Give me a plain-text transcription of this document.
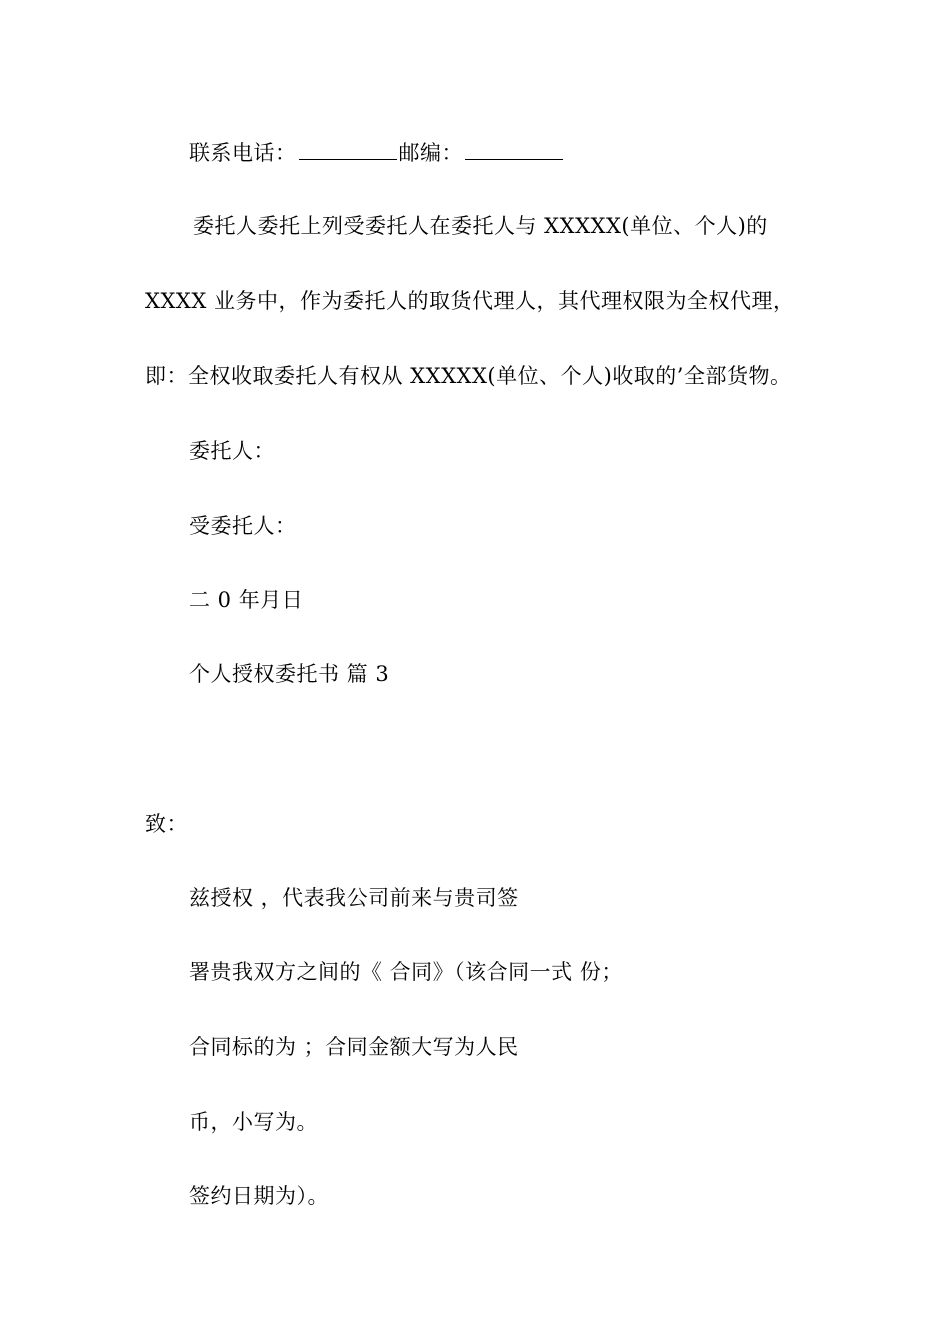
联系电话：	邮编：
委托人委托上列受委托人在委托人与 XXXXX(单位、个人)的
XXXX 业务中，作为委托人的取货代理人，其代理权限为全权代理，
即：全权收取委托人有权从 XXXXX(单位、个人)收取的’全部货物。
委托人：
受委托人：
二 0 年月日
个人授权委托书 篇 3
致：
兹授权 ，代表我公司前来与贵司签
署贵我双方之间的《 合同》（该合同一式 份；
合同标的为 ；合同金额大写为人民
币，小写为。
签约日期为）。
